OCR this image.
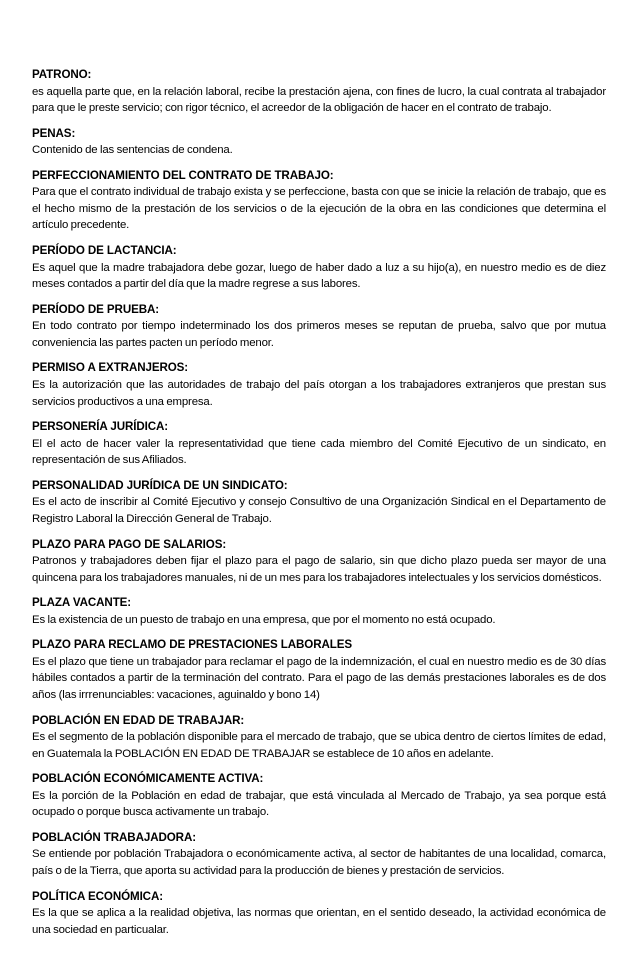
PATRONO:
es aquella parte que, en la relación laboral, recibe la prestación ajena, con fines de lucro, la cual contrata al trabajador para que le preste servicio; con rigor técnico, el acreedor de la obligación de hacer en el contrato de trabajo.
PENAS:
Contenido de las sentencias de condena.
PERFECCIONAMIENTO DEL CONTRATO DE TRABAJO:
Para que el contrato individual de trabajo exista y se perfeccione, basta con que se inicie la relación de trabajo, que es el hecho mismo de la prestación de los servicios o de la ejecución de la obra en las condiciones que determina el artículo precedente.
PERÍODO DE LACTANCIA:
Es aquel que la madre trabajadora debe gozar, luego de haber dado a luz a su hijo(a), en nuestro medio es de diez meses contados a partir del día que la madre regrese a sus labores.
PERÍODO DE PRUEBA:
En todo contrato por tiempo indeterminado los dos primeros meses se reputan de prueba, salvo que por mutua conveniencia las partes pacten un período menor.
PERMISO A EXTRANJEROS:
Es la autorización que las autoridades de trabajo del país otorgan a los trabajadores extranjeros que prestan sus servicios productivos a una empresa.
PERSONERÍA JURÍDICA:
El el acto de hacer valer la representatividad que tiene cada miembro del Comité Ejecutivo de un sindicato, en representación de sus Afiliados.
PERSONALIDAD JURÍDICA DE UN SINDICATO:
Es el acto de inscribir al Comité Ejecutivo y consejo Consultivo de una Organización Sindical en el Departamento de Registro Laboral la Dirección General de Trabajo.
PLAZO PARA PAGO DE SALARIOS:
Patronos y trabajadores deben fijar el plazo para el pago de salario, sin que dicho plazo pueda ser mayor de una quincena para los trabajadores manuales, ni de un mes para los trabajadores intelectuales y los servicios domésticos.
PLAZA VACANTE:
Es la existencia de un puesto de trabajo en una empresa, que por el momento no está ocupado.
PLAZO PARA RECLAMO DE PRESTACIONES LABORALES
Es el plazo que tiene un trabajador para reclamar el pago de la indemnización, el cual en nuestro medio es de 30 días hábiles contados a partir de la terminación del contrato. Para el pago de las demás prestaciones laborales es de dos años (las irrrenunciables: vacaciones, aguinaldo y bono 14)
POBLACIÓN EN EDAD DE TRABAJAR:
Es el segmento de la población disponible para el mercado de trabajo, que se ubica dentro de ciertos límites de edad, en Guatemala la POBLACIÓN EN EDAD DE TRABAJAR se establece de 10 años en adelante.
POBLACIÓN ECONÓMICAMENTE ACTIVA:
Es la porción de la Población en edad de trabajar, que está vinculada al Mercado de Trabajo, ya sea porque está ocupado o porque busca activamente un trabajo.
POBLACIÓN TRABAJADORA:
Se entiende por población Trabajadora o económicamente activa, al sector de habitantes de una localidad, comarca, país o de la Tierra, que aporta su actividad para la producción de bienes y prestación de servicios.
POLÍTICA ECONÓMICA:
Es la que se aplica a la realidad objetiva, las normas que orientan, en el sentido deseado, la actividad económica de una sociedad en particualar.
